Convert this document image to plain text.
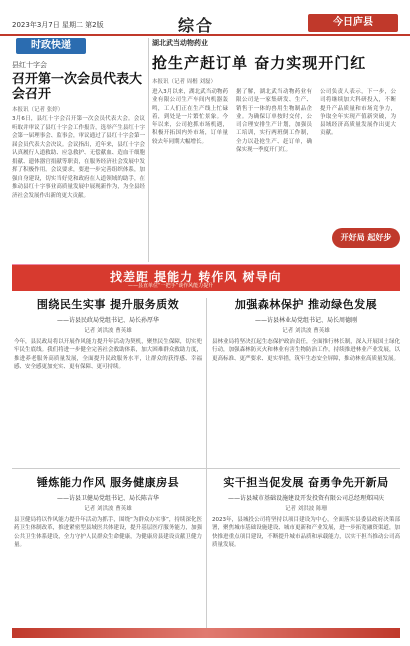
2023年3月7日 星期二 第2版	综合	今日庐县
时政快递
县红十字会
召开第一次会员代表大会召开
本报讯（记者 张婷）
3月6日，县红十字会召开第一次会员代表大会。会议听取并审议了县红十字会工作报告，选举产生县红十字会第一届理事会、监事会，审议通过了县红十字会第一届会员代表大会决议。会议指出，近年来，县红十字会认真履行人道救助、应急救护、无偿献血、造血干细胞捐献、遗体器官捐献等职责，在服务经济社会发展中发挥了积极作用。会议要求，要进一步完善组织体系，加强自身建设，切实当好党和政府在人道领域的助手，在推动县红十字事业高质量发展中展现新作为，为全县经济社会发展作出新的更大贡献。
湖北武当动物药业
抢生产赶订单 奋力实现开门红
本报讯（记者 周楷 刘磊）
进入3月以来，湖北武当动物药业有限公司生产车间内机器轰鸣，工人们正在生产线上忙碌着，到处是一片繁忙景象。今年以来，公司抢抓市场机遇，积极开拓国内外市场，订单量较去年同期大幅增长。
据了解，湖北武当动物药业有限公司是一家集研发、生产、销售于一体的兽用生物制品企业。为确保订单按时交付，公司合理安排生产计划，加强员工培训，实行两班倒工作制，全力以赴抢生产、赶订单，确保实现一季度开门红。
公司负责人表示，下一步，公司将继续加大科研投入，不断提升产品质量和市场竞争力，争取全年实现产值新突破，为县域经济高质量发展作出更大贡献。
开好局 起好步
找差距 提能力 转作风 树导向
——县直单位“一把手”谈作风能力提升
围绕民生实事 提升服务质效
——访县民政局党组书记、局长孙厚华
记者 刘洪波 曹英雄
今年，县民政局将以开展作风能力提升年活动为契机，聚焦民生保障，切实兜牢民生底线。我们将进一步健全完善社会救助体系，加大困难群众救助力度，推进养老服务高质量发展，全面提升民政服务水平，让群众的获得感、幸福感、安全感更加充实、更有保障、更可持续。
加强森林保护 推动绿色发展
——访县林业局党组书记、局长周德刚
记者 刘洪波 曹英雄
县林业局将坚决扛起生态保护政治责任，全面推行林长制，深入开展国土绿化行动，加强森林防灭火和林业有害生物防治工作，持续推进林业产业发展，以更高标准、更严要求、更实举措，筑牢生态安全屏障，推动林业高质量发展。
锤炼能力作风 服务健康房县
——访县卫健局党组书记、局长陈吉华
记者 刘洪波 曹英雄
县卫健局将以作风能力提升年活动为抓手，围绕“为群众办实事”，持续深化医药卫生体制改革，推进紧密型县域医共体建设，提升基层医疗服务能力，加强公共卫生体系建设，全力守护人民群众生命健康，为健康房县建设贡献卫健力量。
实干担当促发展 奋勇争先开新局
——访县城市基础设施建设开发投资有限公司总经理郑国庆
记者 刘洪波 陈珊
2023年，县城投公司将坚持以项目建设为中心，全面落实县委县政府决策部署，聚焦城市基础设施建设、城市更新和产业发展，进一步拓宽融资渠道，加快推进重点项目建设，不断提升城市品质和承载能力，以实干担当推动公司高质量发展。
